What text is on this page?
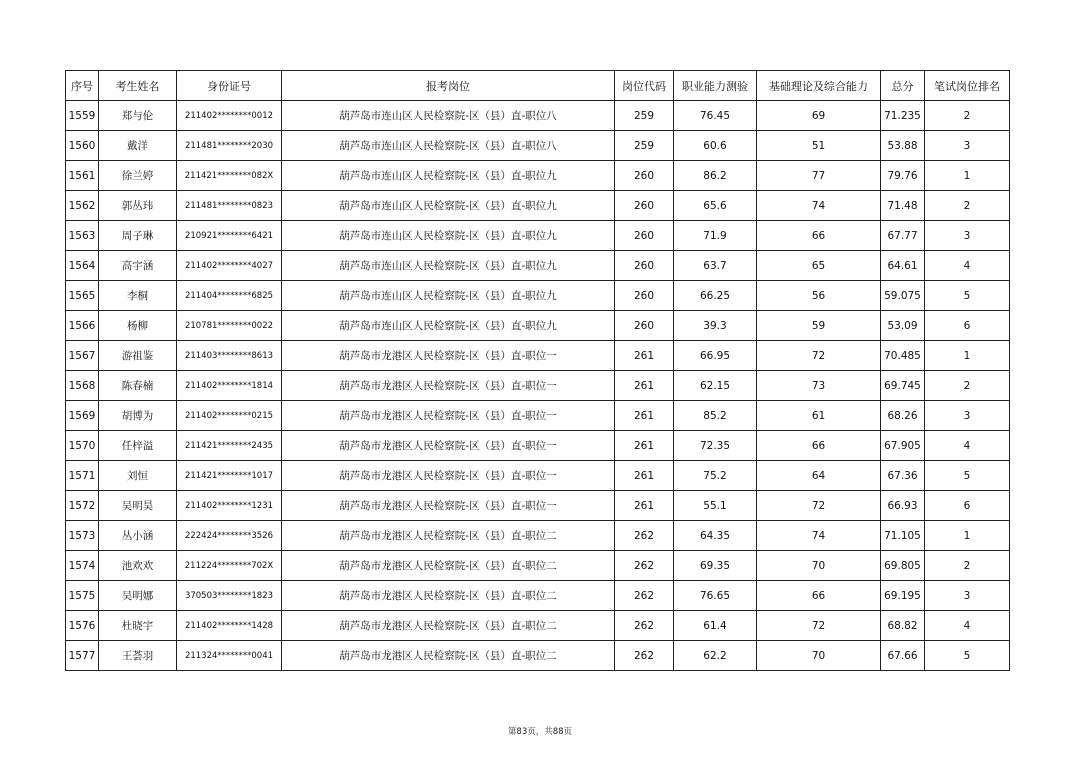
序号	考生姓名	身份证号	报考岗位	岗位代码	职业能力测验	基础理论及综合能力	总分	笔试岗位排名
1559	郑与伦	211402********0012	葫芦岛市连山区人民检察院-区（县）直-职位八	259	76.45	69	71.235	2
1560	戴洋	211481********2030	葫芦岛市连山区人民检察院-区（县）直-职位八	259	60.6	51	53.88	3
1561	徐兰婷	211421********082X	葫芦岛市连山区人民检察院-区（县）直-职位九	260	86.2	77	79.76	1
1562	郭丛玮	211481********0823	葫芦岛市连山区人民检察院-区（县）直-职位九	260	65.6	74	71.48	2
1563	周子琳	210921********6421	葫芦岛市连山区人民检察院-区（县）直-职位九	260	71.9	66	67.77	3
1564	高宇涵	211402********4027	葫芦岛市连山区人民检察院-区（县）直-职位九	260	63.7	65	64.61	4
1565	李桐	211404********6825	葫芦岛市连山区人民检察院-区（县）直-职位九	260	66.25	56	59.075	5
1566	杨柳	210781********0022	葫芦岛市连山区人民检察院-区（县）直-职位九	260	39.3	59	53.09	6
1567	游祖鉴	211403********8613	葫芦岛市龙港区人民检察院-区（县）直-职位一	261	66.95	72	70.485	1
1568	陈春楠	211402********1814	葫芦岛市龙港区人民检察院-区（县）直-职位一	261	62.15	73	69.745	2
1569	胡博为	211402********0215	葫芦岛市龙港区人民检察院-区（县）直-职位一	261	85.2	61	68.26	3
1570	任梓溢	211421********2435	葫芦岛市龙港区人民检察院-区（县）直-职位一	261	72.35	66	67.905	4
1571	刘恒	211421********1017	葫芦岛市龙港区人民检察院-区（县）直-职位一	261	75.2	64	67.36	5
1572	吴明昊	211402********1231	葫芦岛市龙港区人民检察院-区（县）直-职位一	261	55.1	72	66.93	6
1573	丛小涵	222424********3526	葫芦岛市龙港区人民检察院-区（县）直-职位二	262	64.35	74	71.105	1
1574	池欢欢	211224********702X	葫芦岛市龙港区人民检察院-区（县）直-职位二	262	69.35	70	69.805	2
1575	吴明娜	370503********1823	葫芦岛市龙港区人民检察院-区（县）直-职位二	262	76.65	66	69.195	3
1576	杜晓宇	211402********1428	葫芦岛市龙港区人民检察院-区（县）直-职位二	262	61.4	72	68.82	4
1577	王荟羽	211324********0041	葫芦岛市龙港区人民检察院-区（县）直-职位二	262	62.2	70	67.66	5
第83页，共88页
